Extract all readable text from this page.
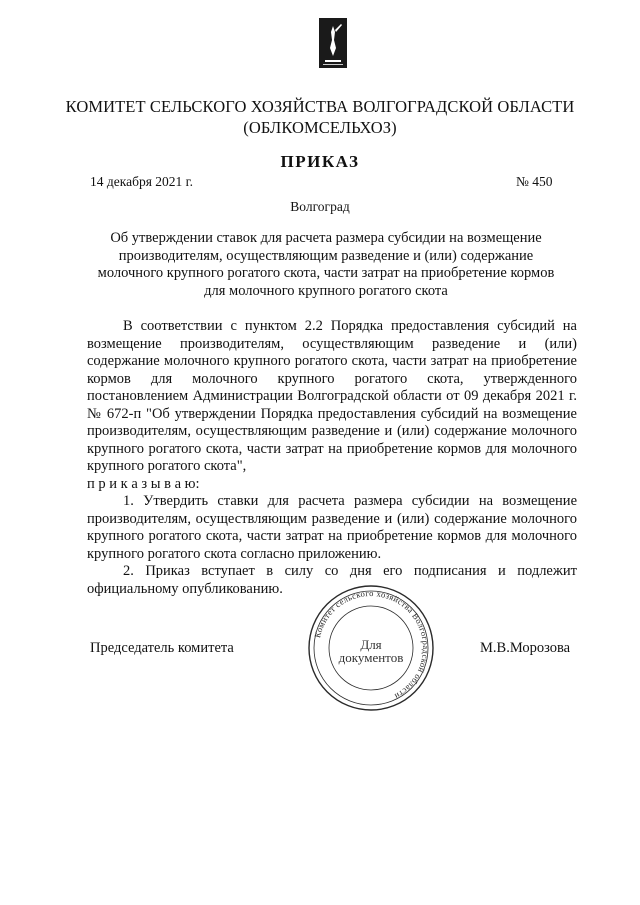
КОМИТЕТ СЕЛЬСКОГО ХОЗЯЙСТВА ВОЛГОГРАДСКОЙ ОБЛАСТИ
(ОБЛКОМСЕЛЬХОЗ)
ПРИКАЗ
14 декабря 2021 г.	№ 450
Волгоград
Об утверждении ставок для расчета размера субсидии на возмещение
производителям, осуществляющим разведение и (или) содержание
молочного крупного рогатого скота, части затрат на приобретение кормов
для молочного крупного рогатого скота

В соответствии с пунктом 2.2 Порядка предоставления субсидий на возмещение производителям, осуществляющим разведение и (или) содержание молочного крупного рогатого скота, части затрат на приобретение кормов для молочного крупного рогатого скота, утвержденного постановлением Администрации Волгоградской области от 09 декабря 2021 г. № 672-п "Об утверждении Порядка предоставления субсидий на возмещение производителям, осуществляющим разведение и (или) содержание молочного крупного рогатого скота, части затрат на приобретение кормов для молочного крупного рогатого скота",

п р и к а з ы в а ю:

1. Утвердить ставки для расчета размера субсидии на возмещение производителям, осуществляющим разведение и (или) содержание молочного крупного рогатого скота, части затрат на приобретение кормов для молочного крупного рогатого скота согласно приложению.

2. Приказ вступает в силу со дня его подписания и подлежит официальному опубликованию.

Председатель комитета	М.В.Морозова
Комитет сельского хозяйства Волгоградской области
Для
документов
